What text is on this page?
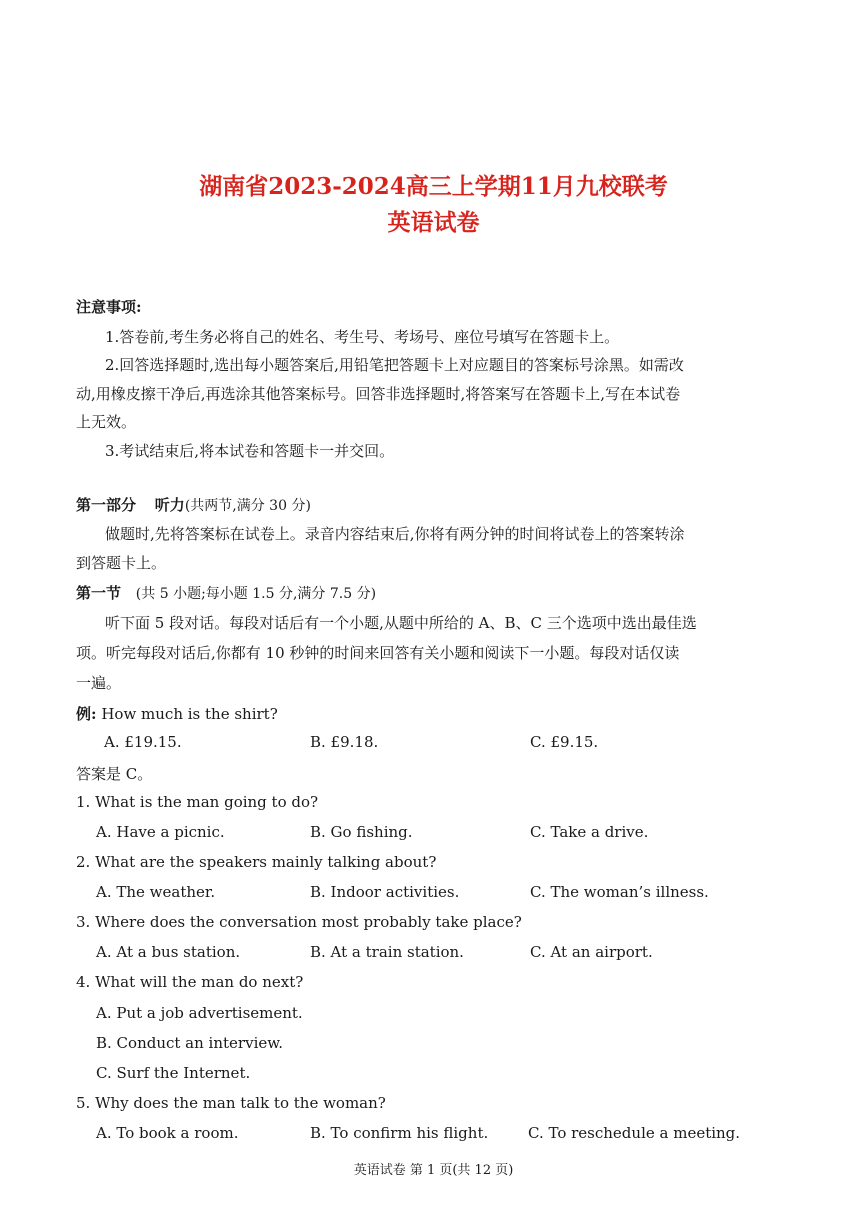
湖南省2023-2024高三上学期11月九校联考
英语试卷
注意事项:
1.答卷前,考生务必将自己的姓名、考生号、考场号、座位号填写在答题卡上。
2.回答选择题时,选出每小题答案后,用铅笔把答题卡上对应题目的答案标号涂黑。如需改
动,用橡皮擦干净后,再选涂其他答案标号。回答非选择题时,将答案写在答题卡上,写在本试卷
上无效。
3.考试结束后,将本试卷和答题卡一并交回。
第一部分 听力(共两节,满分 30 分)
做题时,先将答案标在试卷上。录音内容结束后,你将有两分钟的时间将试卷上的答案转涂
到答题卡上。
第一节 (共 5 小题;每小题 1.5 分,满分 7.5 分)
听下面 5 段对话。每段对话后有一个小题,从题中所给的 A、B、C 三个选项中选出最佳选
项。听完每段对话后,你都有 10 秒钟的时间来回答有关小题和阅读下一小题。每段对话仅读
一遍。
例: How much is the shirt?
A. £19.15.	B. £9.18.	C. £9.15.
答案是 C。
1. What is the man going to do?
A. Have a picnic.	B. Go fishing.	C. Take a drive.
2. What are the speakers mainly talking about?
A. The weather.	B. Indoor activities.	C. The woman’s illness.
3. Where does the conversation most probably take place?
A. At a bus station.	B. At a train station.	C. At an airport.
4. What will the man do next?
A. Put a job advertisement.
B. Conduct an interview.
C. Surf the Internet.
5. Why does the man talk to the woman?
A. To book a room.	B. To confirm his flight.	C. To reschedule a meeting.
英语试卷 第 1 页(共 12 页)
